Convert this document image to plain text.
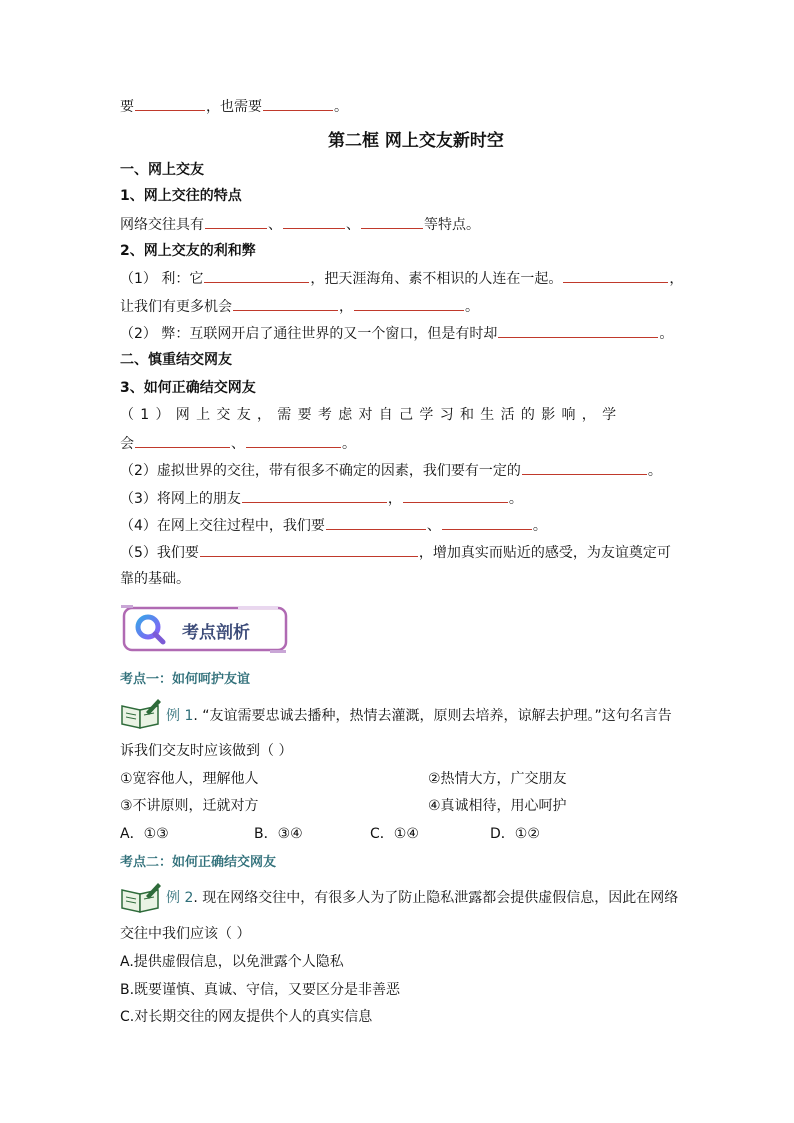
要	，也需要	。
第二框 网上交友新时空
一、网上交友
1、网上交往的特点
网络交往具有	、	、	等特点。
2、网上交友的利和弊
（1） 利：它	，把天涯海角、素不相识的人连在一起。	，
让我们有更多机会	，	。
（2） 弊：互联网开启了通往世界的又一个窗口，但是有时却	。
二、慎重结交网友
3、如何正确结交网友
（1）网上交友，需要考虑对自己学习和生活的影响，学
会	、	。
（2）虚拟世界的交往，带有很多不确定的因素，我们要有一定的	。
（3）将网上的朋友	，	。
（4）在网上交往过程中，我们要	、	。
（5）我们要	，增加真实而贴近的感受，为友谊奠定可
靠的基础。
考点剖析
考点一：如何呵护友谊
例 1. “友谊需要忠诚去播种，热情去灌溉，原则去培养，谅解去护理。”这句名言告
诉我们交友时应该做到（ ）
①宽容他人，理解他人	②热情大方，广交朋友
③不讲原则，迁就对方	④真诚相待，用心呵护
A．①③	B．③④	C．①④	D．①②
考点二：如何正确结交网友
例 2. 现在网络交往中，有很多人为了防止隐私泄露都会提供虚假信息，因此在网络
交往中我们应该（ ）
A.提供虚假信息，以免泄露个人隐私
B.既要谨慎、真诚、守信，又要区分是非善恶
C.对长期交往的网友提供个人的真实信息
